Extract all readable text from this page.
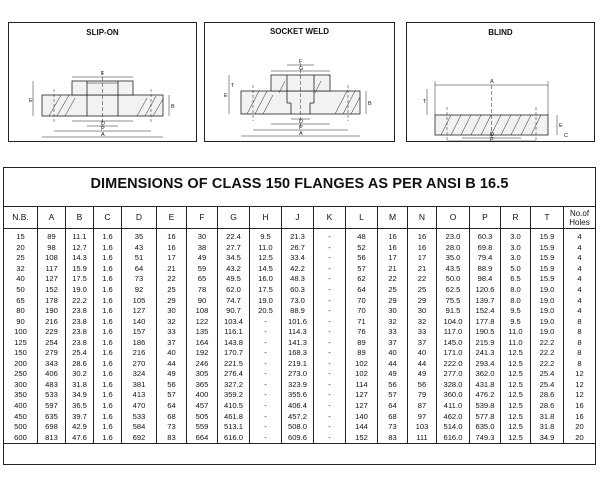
SLIP-ON
F
D
P
A
E
B
SOCKET WELD
F
G
D
P
A
E
B
T
BLIND
A
T
E
D
P
C
DIMENSIONS OF CLASS 150 FLANGES AS PER ANSI B 16.5
N.B.	A	B	C	D	E	F	G	H	J	K	L	M	N	O	P	R	T	No.of Holes
15	89	11.1	1.6	35	16	30	22.4	9.5	21.3	-	48	16	16	23.0	60.3	3.0	15.9	4
20	98	12.7	1.6	43	16	38	27.7	11.0	26.7	-	52	16	16	28.0	69.8	3.0	15.9	4
25	108	14.3	1.6	51	17	49	34.5	12.5	33.4	-	56	17	17	35.0	79.4	3.0	15.9	4
32	117	15.9	1.6	64	21	59	43.2	14.5	42.2	-	57	21	21	43.5	88.9	5.0	15.9	4
40	127	17.5	1.6	73	22	65	49.5	16.0	48.3	-	62	22	22	50.0	98.4	6.5	15.9	4
50	152	19.0	1.6	92	25	78	62.0	17.5	60.3	-	64	25	25	62.5	120.6	8.0	19.0	4
65	178	22.2	1.6	105	29	90	74.7	19.0	73.0	-	70	29	29	75.5	139.7	8.0	19.0	4
80	190	23.8	1.6	127	30	108	90.7	20.5	88.9	-	70	30	30	91.5	152.4	9.5	19.0	4
90	216	23.8	1.6	140	32	122	103.4	-	101.6	-	71	32	32	104.0	177.8	9.5	19.0	8
100	229	23.8	1.6	157	33	135	116.1	-	114.3	-	76	33	33	117.0	190.5	11.0	19.0	8
125	254	23.8	1.6	186	37	164	143.8	-	141.3	-	89	37	37	145.0	215.9	11.0	22.2	8
150	279	25.4	1.6	216	40	192	170.7	-	168.3	-	89	40	40	171.0	241.3	12.5	22.2	8
200	343	28.6	1.6	270	44	246	221.5	-	219.1	-	102	44	44	222.0	293.4	12.5	22.2	8
250	406	30.2	1.6	324	49	305	276.4	-	273.0	-	102	49	49	277.0	362.0	12.5	25.4	12
300	483	31.8	1.6	381	56	365	327.2	-	323.9	-	114	56	56	328.0	431.8	12.5	25.4	12
350	533	34.9	1.6	413	57	400	359.2	-	355.6	-	127	57	79	360.0	476.2	12.5	28.6	12
400	597	36.5	1.6	470	64	457	410.5	-	406.4	-	127	64	87	411.0	539.8	12.5	28.6	16
450	635	39.7	1.6	533	68	505	461.8	-	457.2	-	140	68	97	462.0	577.8	12.5	31.8	16
500	698	42.9	1.6	584	73	559	513.1	-	508.0	-	144	73	103	514.0	635.0	12.5	31.8	20
600	813	47.6	1.6	692	83	664	616.0	-	609.6	-	152	83	111	616.0	749.3	12.5	34.9	20
